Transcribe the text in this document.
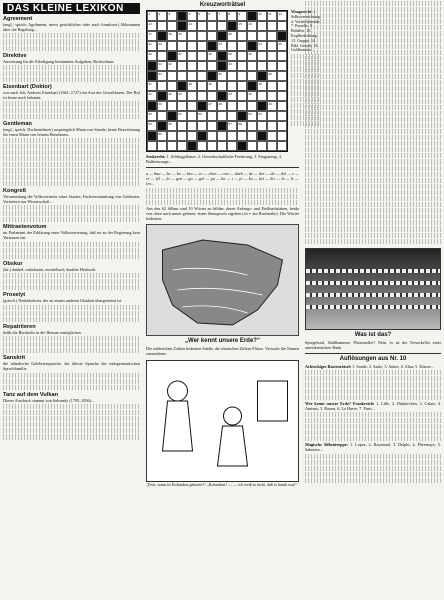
DAS KLEINE LEXIKON
Agreement
(engl., sprich: Agrihment, meist gerichtlicher oder auch formloser) Abkommen über die Regelung...
Direktive
Anweisung für die Erledigung bestimmter Aufgaben; Richtschnur.
Eisenbart (Doktor)
war nach Joh. Andreas Eisenbart (1661–1727) ein Arzt der Gewaltkuren. Der Ruf ist heute noch bekannt.
Gentleman
(engl., sprich: Dschentelmen) ursprünglich Mann von Stande; heute Bezeichnung für einen Mann von feinem Benehmen.
Kongreß
Versammlung der Volksvertreter eines Staates; Fachversammlung von Gelehrten, Vertretern aus Wissenschaft...
Mittraetenvotum
im Parlament der Erklärung einer Volksvertretung, daß sie zu der Regierung kein Vertrauen hat.
Obskur
(lat.) dunkel, unbekannt, zweifelhaft; dunkler Herkunft.
Proselyt
(griech.) Neubekehrter, der zu einem anderen Glauben übergetreten ist.
Repatriieren
heißt die Rückkehr in die Heimat ermöglichen.
Sanskrit
die altindische Gelehrtensprache, die älteste Sprache der indogermanischen Sprachfamilie.
Tanz auf dem Vulkan
Dieser Ausdruck stammt von Salvandy (1795–1856)...
Kreuzworträtsel
1	2	3	4	5	6	7	8	9	10 11 12
13	14	15 16
17	18 19	20
21 22	23	24	25
26	27	28	29	30
31 32	33
34	35	36
37	38	39	40
41	42 43	44	45
46	47 48	49
50	51	52	53 54
55	56	57 58
59
Waagerecht: 1. Selbstvernichtung, 4. Vorbeifahrende, 7. Parzelle, 8. Behälter, 10. Kopfbedeckung, 13. Gruppe, 14. Bibl. Gestalt, 15. Goldhamster...
Senkrecht: 1. Schlingpflanze, 2. Gewerkschaftliche Forderung, 3. Fanguzeug, 4. Balkenwaage...
a — bau — be — bo — bra — ce — chen — con — dach — de — der — do — dol — e — er — fel — fo — gen — go — gol — gu — ha — i — jo — ka — kei — kri — la — le — len...
Aus den 62 Silben sind 19 Wörter zu bilden, deren Anfangs- und Endbuchstaben, beide von oben nach unten gelesen, einen Sinnspruch ergeben (ch = ein Buchstabe). Die Wörter bedeuten:
„Wer kennt unsere Erde?“
Die zahlreichen Zahlen bedeuten Städte, die römischen Ziffern Flüsse. Versucht die Namen zuzuordnen.
„Fritz, wann ist Kolumbus geboren?“ „Kolumbus? — — ich weiß es nicht, daß er krank war!“
Was ist das?
Spiegelsaal, Stahlkammer, Photoatelier? Nein, es ist der Tresorkeller einer amerikanischen Bank.
Auflösungen aus Nr. 10
Achteckiges Rastenrätsel: 1. Sonde, 2. Saale, 3. Anker, 4. Altar, 5. Klause...
Wer kennt unsere Erde? Frankreich: 1. Lille, 2. Dünkirchen, 3. Calais, 4. Amiens, 5. Rouen, 6. Le Havre, 7. Paris...
Magische Silbentreppe: 1. Lopez, 2. Raymond, 3. Delphi, 4. Pheemaye, 5. Saboteur...
